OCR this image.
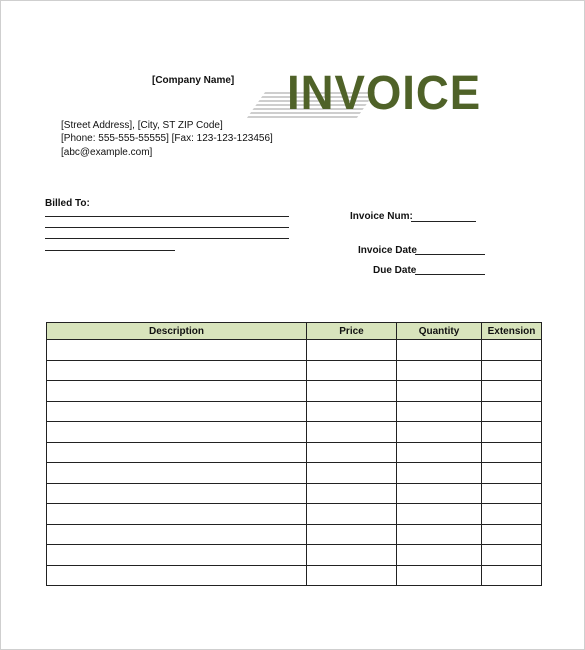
[Company Name]
[Street Address], [City, ST ZIP Code]
[Phone: 555-555-55555] [Fax: 123-123-123456]
[abc@example.com]
INVOICE
Billed To:
Invoice Num:
Invoice Date
Due Date
Description	Price	Quantity	Extension
